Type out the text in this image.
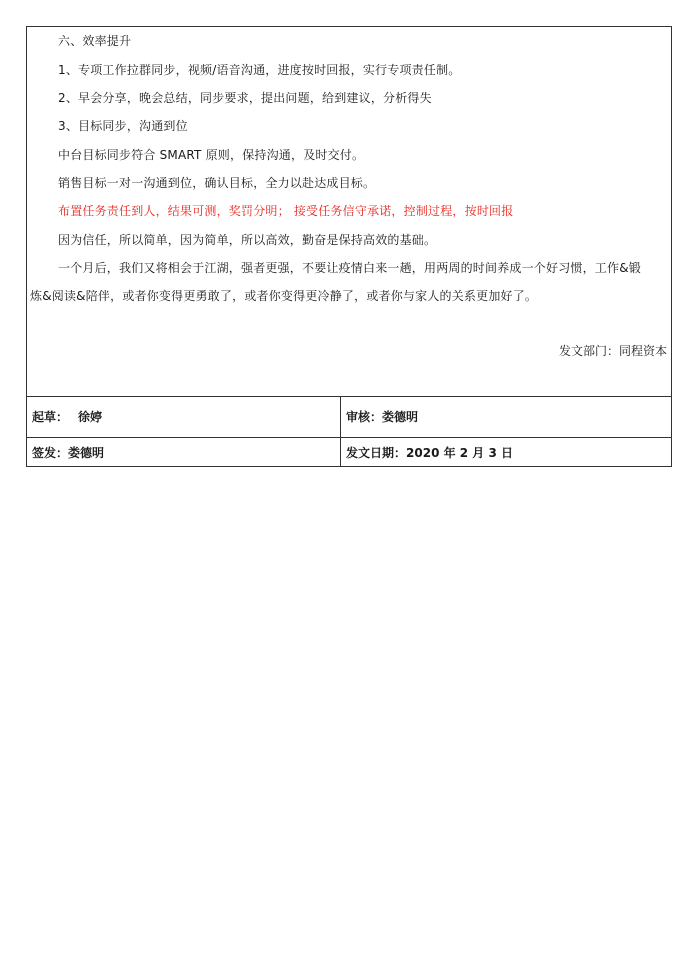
六、效率提升
1、专项工作拉群同步，视频/语音沟通，进度按时回报，实行专项责任制。
2、早会分享，晚会总结，同步要求，提出问题，给到建议，分析得失
3、目标同步，沟通到位
中台目标同步符合 SMART 原则，保持沟通，及时交付。
销售目标一对一沟通到位，确认目标，全力以赴达成目标。
布置任务责任到人，结果可测，奖罚分明； 接受任务信守承诺，控制过程，按时回报
因为信任，所以简单，因为简单，所以高效，勤奋是保持高效的基础。
一个月后，我们又将相会于江湖，强者更强，不要让疫情白来一趟，用两周的时间养成一个好习惯，工作&锻
炼&阅读&陪伴，或者你变得更勇敢了，或者你变得更冷静了，或者你与家人的关系更加好了。
发文部门：同程资本
起草： 徐婷	审核： 娄德明
签发： 娄德明	发文日期： 2020 年 2 月 3 日
